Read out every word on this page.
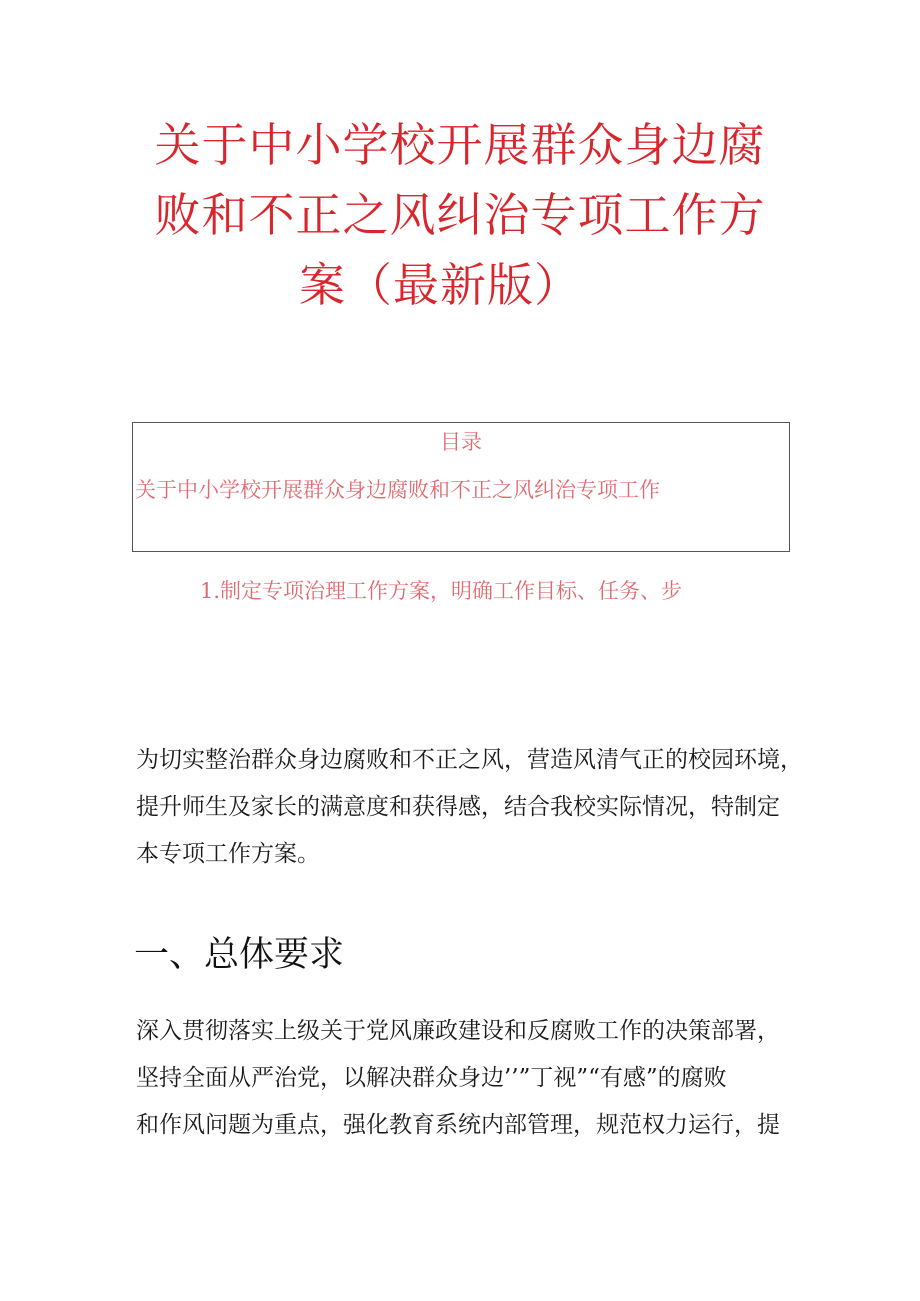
关于中小学校开展群众身边腐
败和不正之风纠治专项工作方
案（最新版）
目录
关于中小学校开展群众身边腐败和不正之风纠治专项工作
1.制定专项治理工作方案，明确工作目标、任务、步

为切实整治群众身边腐败和不正之风，营造风清气正的校园环境，
提升师生及家长的满意度和获得感，结合我校实际情况，特制定
本专项工作方案。

一、总体要求

深入贯彻落实上级关于党风廉政建设和反腐败工作的决策部署，
坚持全面从严治党，以解决群众身边’’”丁视”“有感”的腐败
和作风问题为重点，强化教育系统内部管理，规范权力运行，提
